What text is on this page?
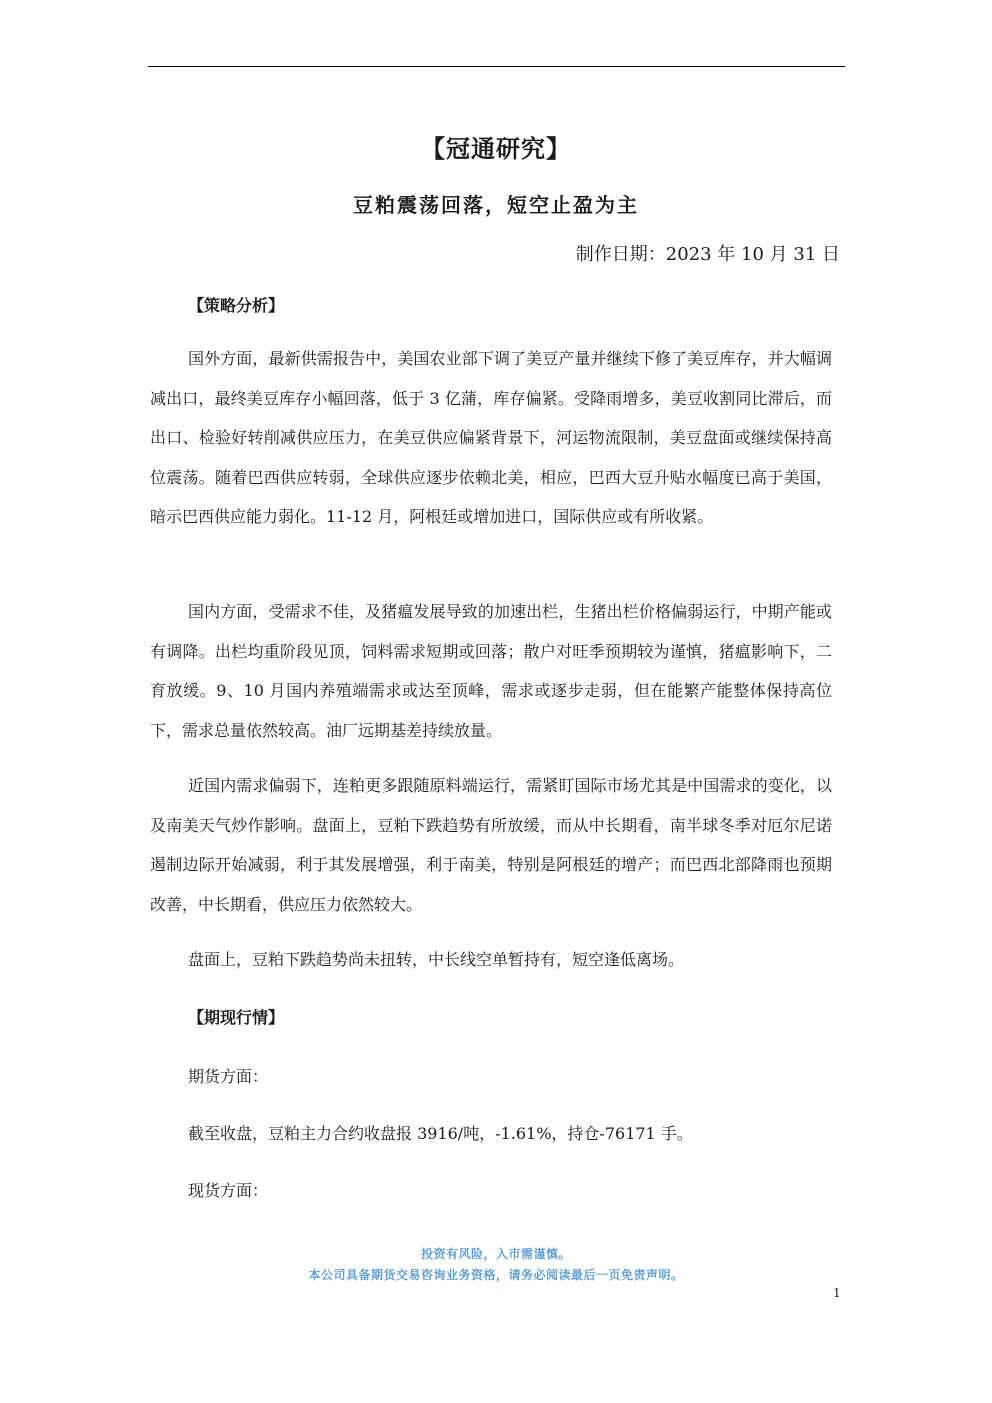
【冠通研究】
豆粕震荡回落，短空止盈为主
制作日期：2023 年 10 月 31 日
【策略分析】

国外方面，最新供需报告中，美国农业部下调了美豆产量并继续下修了美豆库存，并大幅调减出口，最终美豆库存小幅回落，低于 3 亿蒲，库存偏紧。受降雨增多，美豆收割同比滞后，而出口、检验好转削减供应压力，在美豆供应偏紧背景下，河运物流限制，美豆盘面或继续保持高位震荡。随着巴西供应转弱，全球供应逐步依赖北美，相应，巴西大豆升贴水幅度已高于美国，暗示巴西供应能力弱化。11-12 月，阿根廷或增加进口，国际供应或有所收紧。

国内方面，受需求不佳，及猪瘟发展导致的加速出栏，生猪出栏价格偏弱运行，中期产能或有调降。出栏均重阶段见顶，饲料需求短期或回落；散户对旺季预期较为谨慎，猪瘟影响下，二育放缓。9、10 月国内养殖端需求或达至顶峰，需求或逐步走弱，但在能繁产能整体保持高位下，需求总量依然较高。油厂远期基差持续放量。

近国内需求偏弱下，连粕更多跟随原料端运行，需紧盯国际市场尤其是中国需求的变化，以及南美天气炒作影响。盘面上，豆粕下跌趋势有所放缓，而从中长期看，南半球冬季对厄尔尼诺遏制边际开始减弱，利于其发展增强，利于南美，特别是阿根廷的增产；而巴西北部降雨也预期改善，中长期看，供应压力依然较大。

盘面上，豆粕下跌趋势尚未扭转，中长线空单暂持有，短空逢低离场。

【期现行情】
期货方面：
截至收盘，豆粕主力合约收盘报 3916/吨，-1.61%，持仓-76171 手。
现货方面：
投资有风险，入市需谨慎。
本公司具备期货交易咨询业务资格，请务必阅读最后一页免责声明。
1
